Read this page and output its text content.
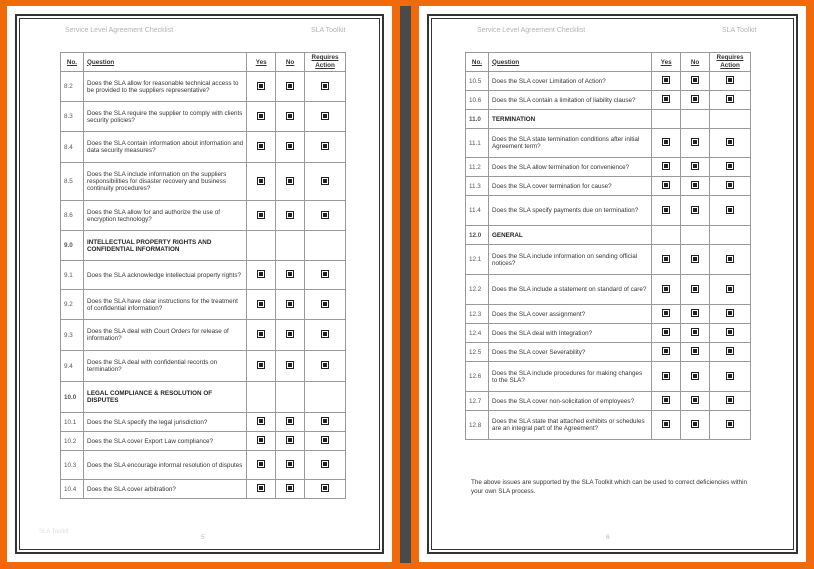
Service Level Agreement Checklist	SLA Toolkit
No.	Question	Yes	No	Requires Action
8.2	Does the SLA allow for reasonable technical access to be provided to the suppliers representative?			
8.3	Does the SLA require the supplier to comply with clients security policies?			
8.4	Does the SLA contain information about information and data security measures?			
8.5	Does the SLA include information on the suppliers responsibilities for disaster recovery and business continuity procedures?			
8.6	Does the SLA allow for and authorize the use of encryption technology?			
9.0	INTELLECTUAL PROPERTY RIGHTS AND CONFIDENTIAL INFORMATION			
9.1	Does the SLA acknowledge intellectual property rights?			
9.2	Does the SLA have clear instructions for the treatment of confidential information?			
9.3	Does the SLA deal with Court Orders for release of information?			
9.4	Does the SLA deal with confidential records on termination?			
10.0	LEGAL COMPLIANCE & RESOLUTION OF DISPUTES			
10.1	Does the SLA specify the legal jurisdiction?			
10.2	Does the SLA cover Export Law compliance?			
10.3	Does the SLA encourage informal resolution of disputes			
10.4	Does the SLA cover arbitration?			
SLA Toolkit
5
Service Level Agreement Checklist	SLA Toolkit
No.	Question	Yes	No	Requires Action
10.5	Does the SLA cover Limitation of Action?			
10.6	Does the SLA contain a limitation of liability clause?			
11.0	TERMINATION			
11.1	Does the SLA state termination conditions after initial Agreement term?			
11.2	Does the SLA allow termination for convenience?			
11.3	Does the SLA cover termination for cause?			
11.4	Does the SLA specify payments due on termination?			
12.0	GENERAL			
12.1	Does the SLA include information on sending official notices?			
12.2	Does the SLA include a statement on standard of care?			
12.3	Does the SLA cover assignment?			
12.4	Does the SLA deal with Integration?			
12.5	Does the SLA cover Severability?			
12.6	Does the SLA include procedures for making changes to the SLA?			
12.7	Does the SLA cover non-solicitation of employees?			
12.8	Does the SLA state that attached exhibits or schedules are an integral part of the Agreement?			
The above issues are supported by the SLA Toolkit which can be used to correct deficiencies within your own SLA process.
6
